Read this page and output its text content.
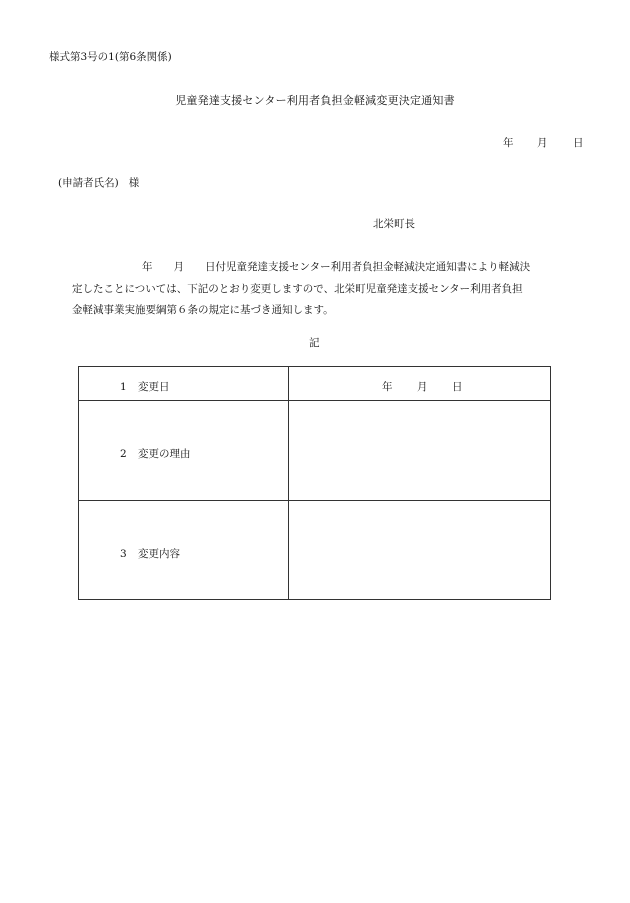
様式第3号の1(第6条関係)
児童発達支援センター利用者負担金軽減変更決定通知書
年 月 日
(申請者氏名) 様
北栄町長
年　　月　　日付児童発達支援センター利用者負担金軽減決定通知書により軽減決
定したことについては、下記のとおり変更しますので、北栄町児童発達支援センター利用者負担
金軽減事業実施要綱第６条の規定に基づき通知します。
記
1 変更日	年 月 日
2 変更の理由
3 変更内容
